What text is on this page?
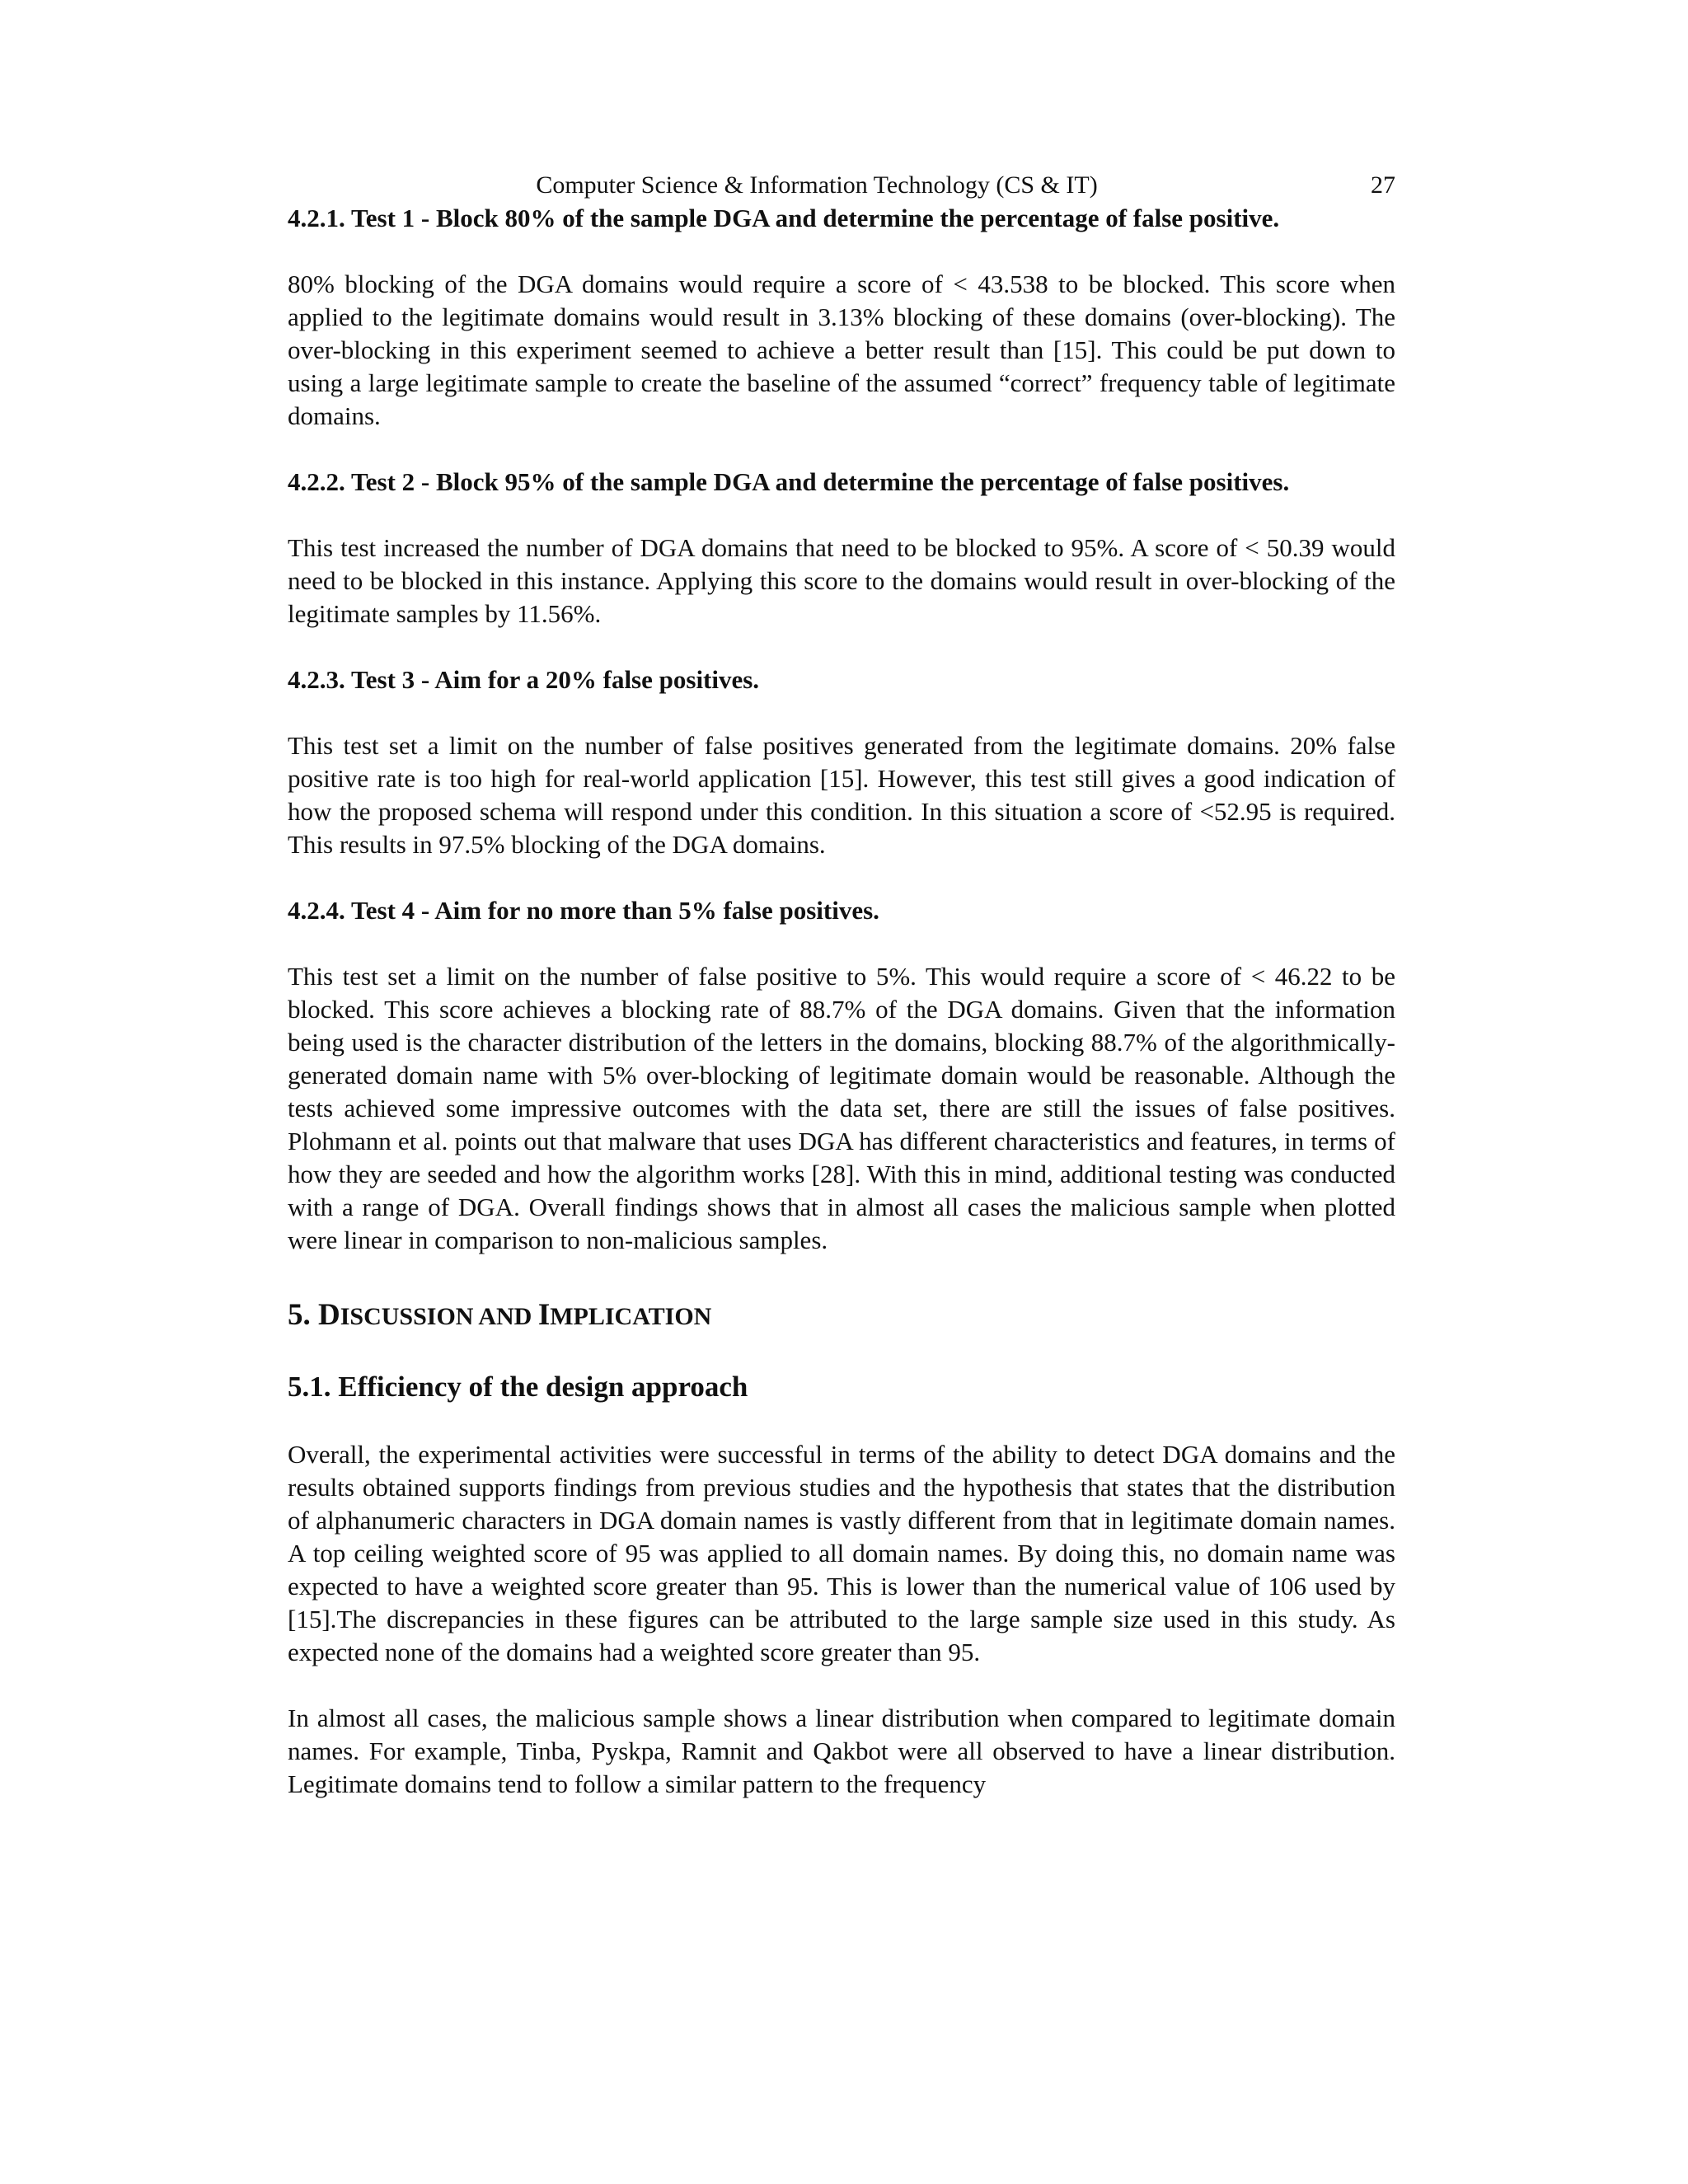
Computer Science & Information Technology (CS & IT)	27
4.2.1. Test 1 - Block 80% of the sample DGA and determine the percentage of false positive.

80% blocking of the DGA domains would require a score of < 43.538 to be blocked. This score when applied to the legitimate domains would result in 3.13% blocking of these domains (over-blocking). The over-blocking in this experiment seemed to achieve a better result than [15]. This could be put down to using a large legitimate sample to create the baseline of the assumed “correct” frequency table of legitimate domains.

4.2.2. Test 2 - Block 95% of the sample DGA and determine the percentage of false positives.

This test increased the number of DGA domains that need to be blocked to 95%. A score of < 50.39 would need to be blocked in this instance. Applying this score to the domains would result in over-blocking of the legitimate samples by 11.56%.

4.2.3. Test 3 - Aim for a 20% false positives.

This test set a limit on the number of false positives generated from the legitimate domains. 20% false positive rate is too high for real-world application [15]. However, this test still gives a good indication of how the proposed schema will respond under this condition. In this situation a score of <52.95 is required. This results in 97.5% blocking of the DGA domains.

4.2.4. Test 4 - Aim for no more than 5% false positives.

This test set a limit on the number of false positive to 5%. This would require a score of < 46.22 to be blocked. This score achieves a blocking rate of 88.7% of the DGA domains. Given that the information being used is the character distribution of the letters in the domains, blocking 88.7% of the algorithmically-generated domain name with 5% over-blocking of legitimate domain would be reasonable. Although the tests achieved some impressive outcomes with the data set, there are still the issues of false positives. Plohmann et al. points out that malware that uses DGA has different characteristics and features, in terms of how they are seeded and how the algorithm works [28]. With this in mind, additional testing was conducted with a range of DGA. Overall findings shows that in almost all cases the malicious sample when plotted were linear in comparison to non-malicious samples.

5. DISCUSSION AND IMPLICATION
5.1. Efficiency of the design approach

Overall, the experimental activities were successful in terms of the ability to detect DGA domains and the results obtained supports findings from previous studies and the hypothesis that states that the distribution of alphanumeric characters in DGA domain names is vastly different from that in legitimate domain names. A top ceiling weighted score of 95 was applied to all domain names. By doing this, no domain name was expected to have a weighted score greater than 95. This is lower than the numerical value of 106 used by [15].The discrepancies in these figures can be attributed to the large sample size used in this study. As expected none of the domains had a weighted score greater than 95.

In almost all cases, the malicious sample shows a linear distribution when compared to legitimate domain names. For example, Tinba, Pyskpa, Ramnit and Qakbot were all observed to have a linear distribution. Legitimate domains tend to follow a similar pattern to the frequency
